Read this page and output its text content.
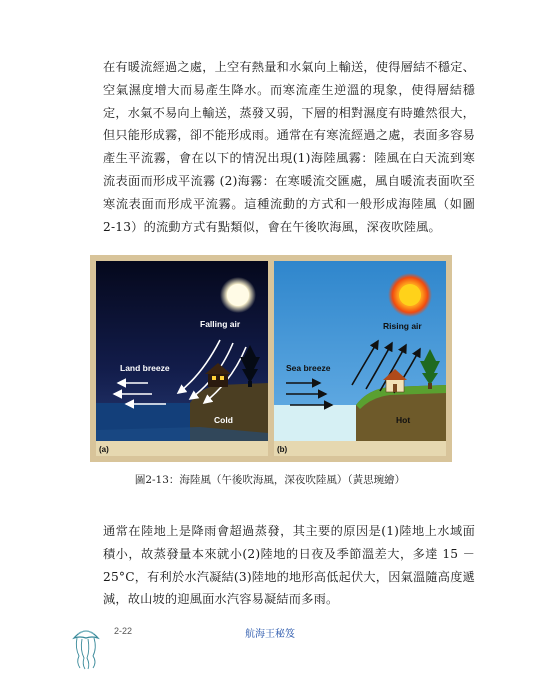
在有暖流經過之處，上空有熱量和水氣向上輸送，使得層結不穩定、空氣濕度增大而易產生降水。而寒流產生逆溫的現象，使得層結穩定，水氣不易向上輸送，蒸發又弱，下層的相對濕度有時雖然很大，但只能形成霧，卻不能形成雨。通常在有寒流經過之處，表面多容易產生平流霧，會在以下的情況出現(1)海陸風霧：陸風在白天流到寒流表面而形成平流霧 (2)海霧：在寒暖流交匯處，風自暖流表面吹至寒流表面而形成平流霧。這種流動的方式和一般形成海陸風（如圖 2-13）的流動方式有點類似，會在午後吹海風，深夜吹陸風。
Falling air
Land breeze
Cold
(a)
Rising air
Sea breeze
Hot
(b)
圖2-13：海陸風（午後吹海風，深夜吹陸風）（黃思琬繪）
通常在陸地上是降雨會超過蒸發，其主要的原因是(1)陸地上水域面積小，故蒸發量本來就小(2)陸地的日夜及季節溫差大，多達 15 － 25°C，有利於水汽凝結(3)陸地的地形高低起伏大，因氣溫隨高度遞減，故山坡的迎風面水汽容易凝結而多雨。
2-22	航海王秘笈
